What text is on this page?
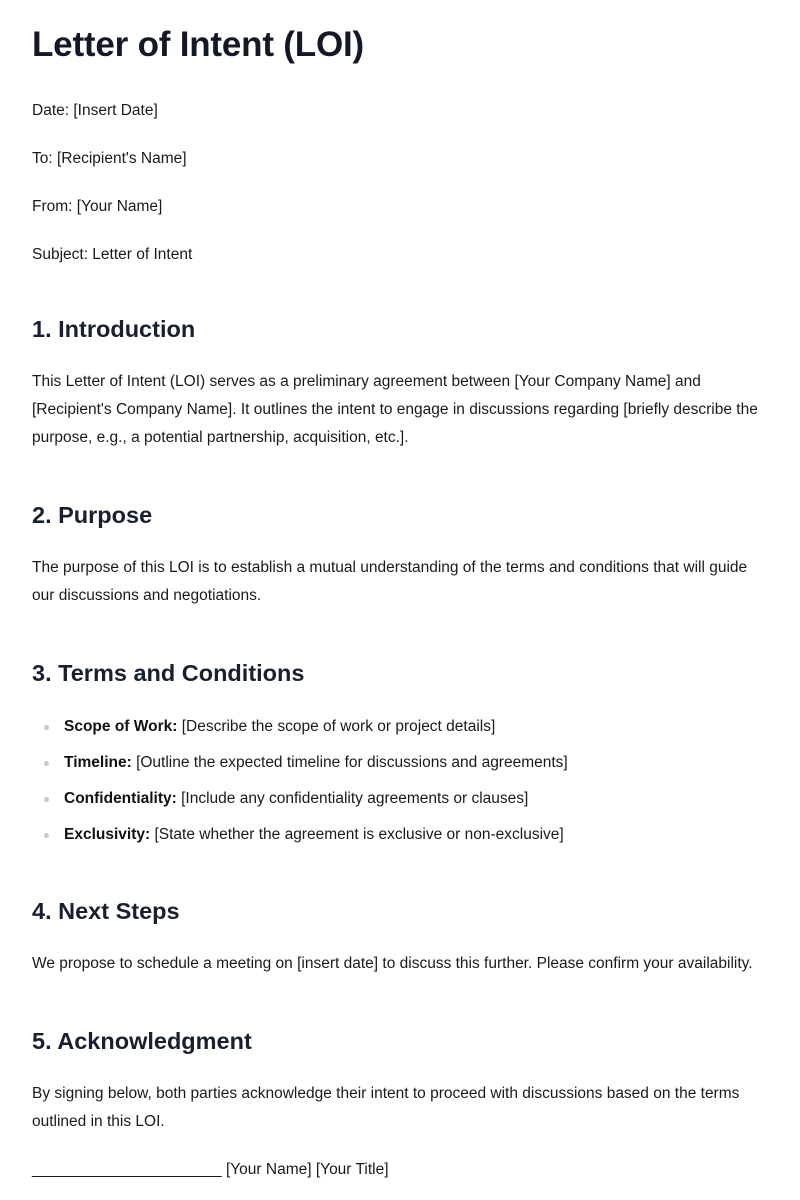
Letter of Intent (LOI)

Date: [Insert Date]

To: [Recipient's Name]

From: [Your Name]

Subject: Letter of Intent

1. Introduction

This Letter of Intent (LOI) serves as a preliminary agreement between [Your Company Name] and [Recipient's Company Name]. It outlines the intent to engage in discussions regarding [briefly describe the purpose, e.g., a potential partnership, acquisition, etc.].

2. Purpose

The purpose of this LOI is to establish a mutual understanding of the terms and conditions that will guide our discussions and negotiations.

3. Terms and Conditions
Scope of Work: [Describe the scope of work or project details]
Timeline: [Outline the expected timeline for discussions and agreements]
Confidentiality: [Include any confidentiality agreements or clauses]
Exclusivity: [State whether the agreement is exclusive or non-exclusive]
4. Next Steps

We propose to schedule a meeting on [insert date] to discuss this further. Please confirm your availability.

5. Acknowledgment

By signing below, both parties acknowledge their intent to proceed with discussions based on the terms outlined in this LOI.

______________________ [Your Name] [Your Title]
